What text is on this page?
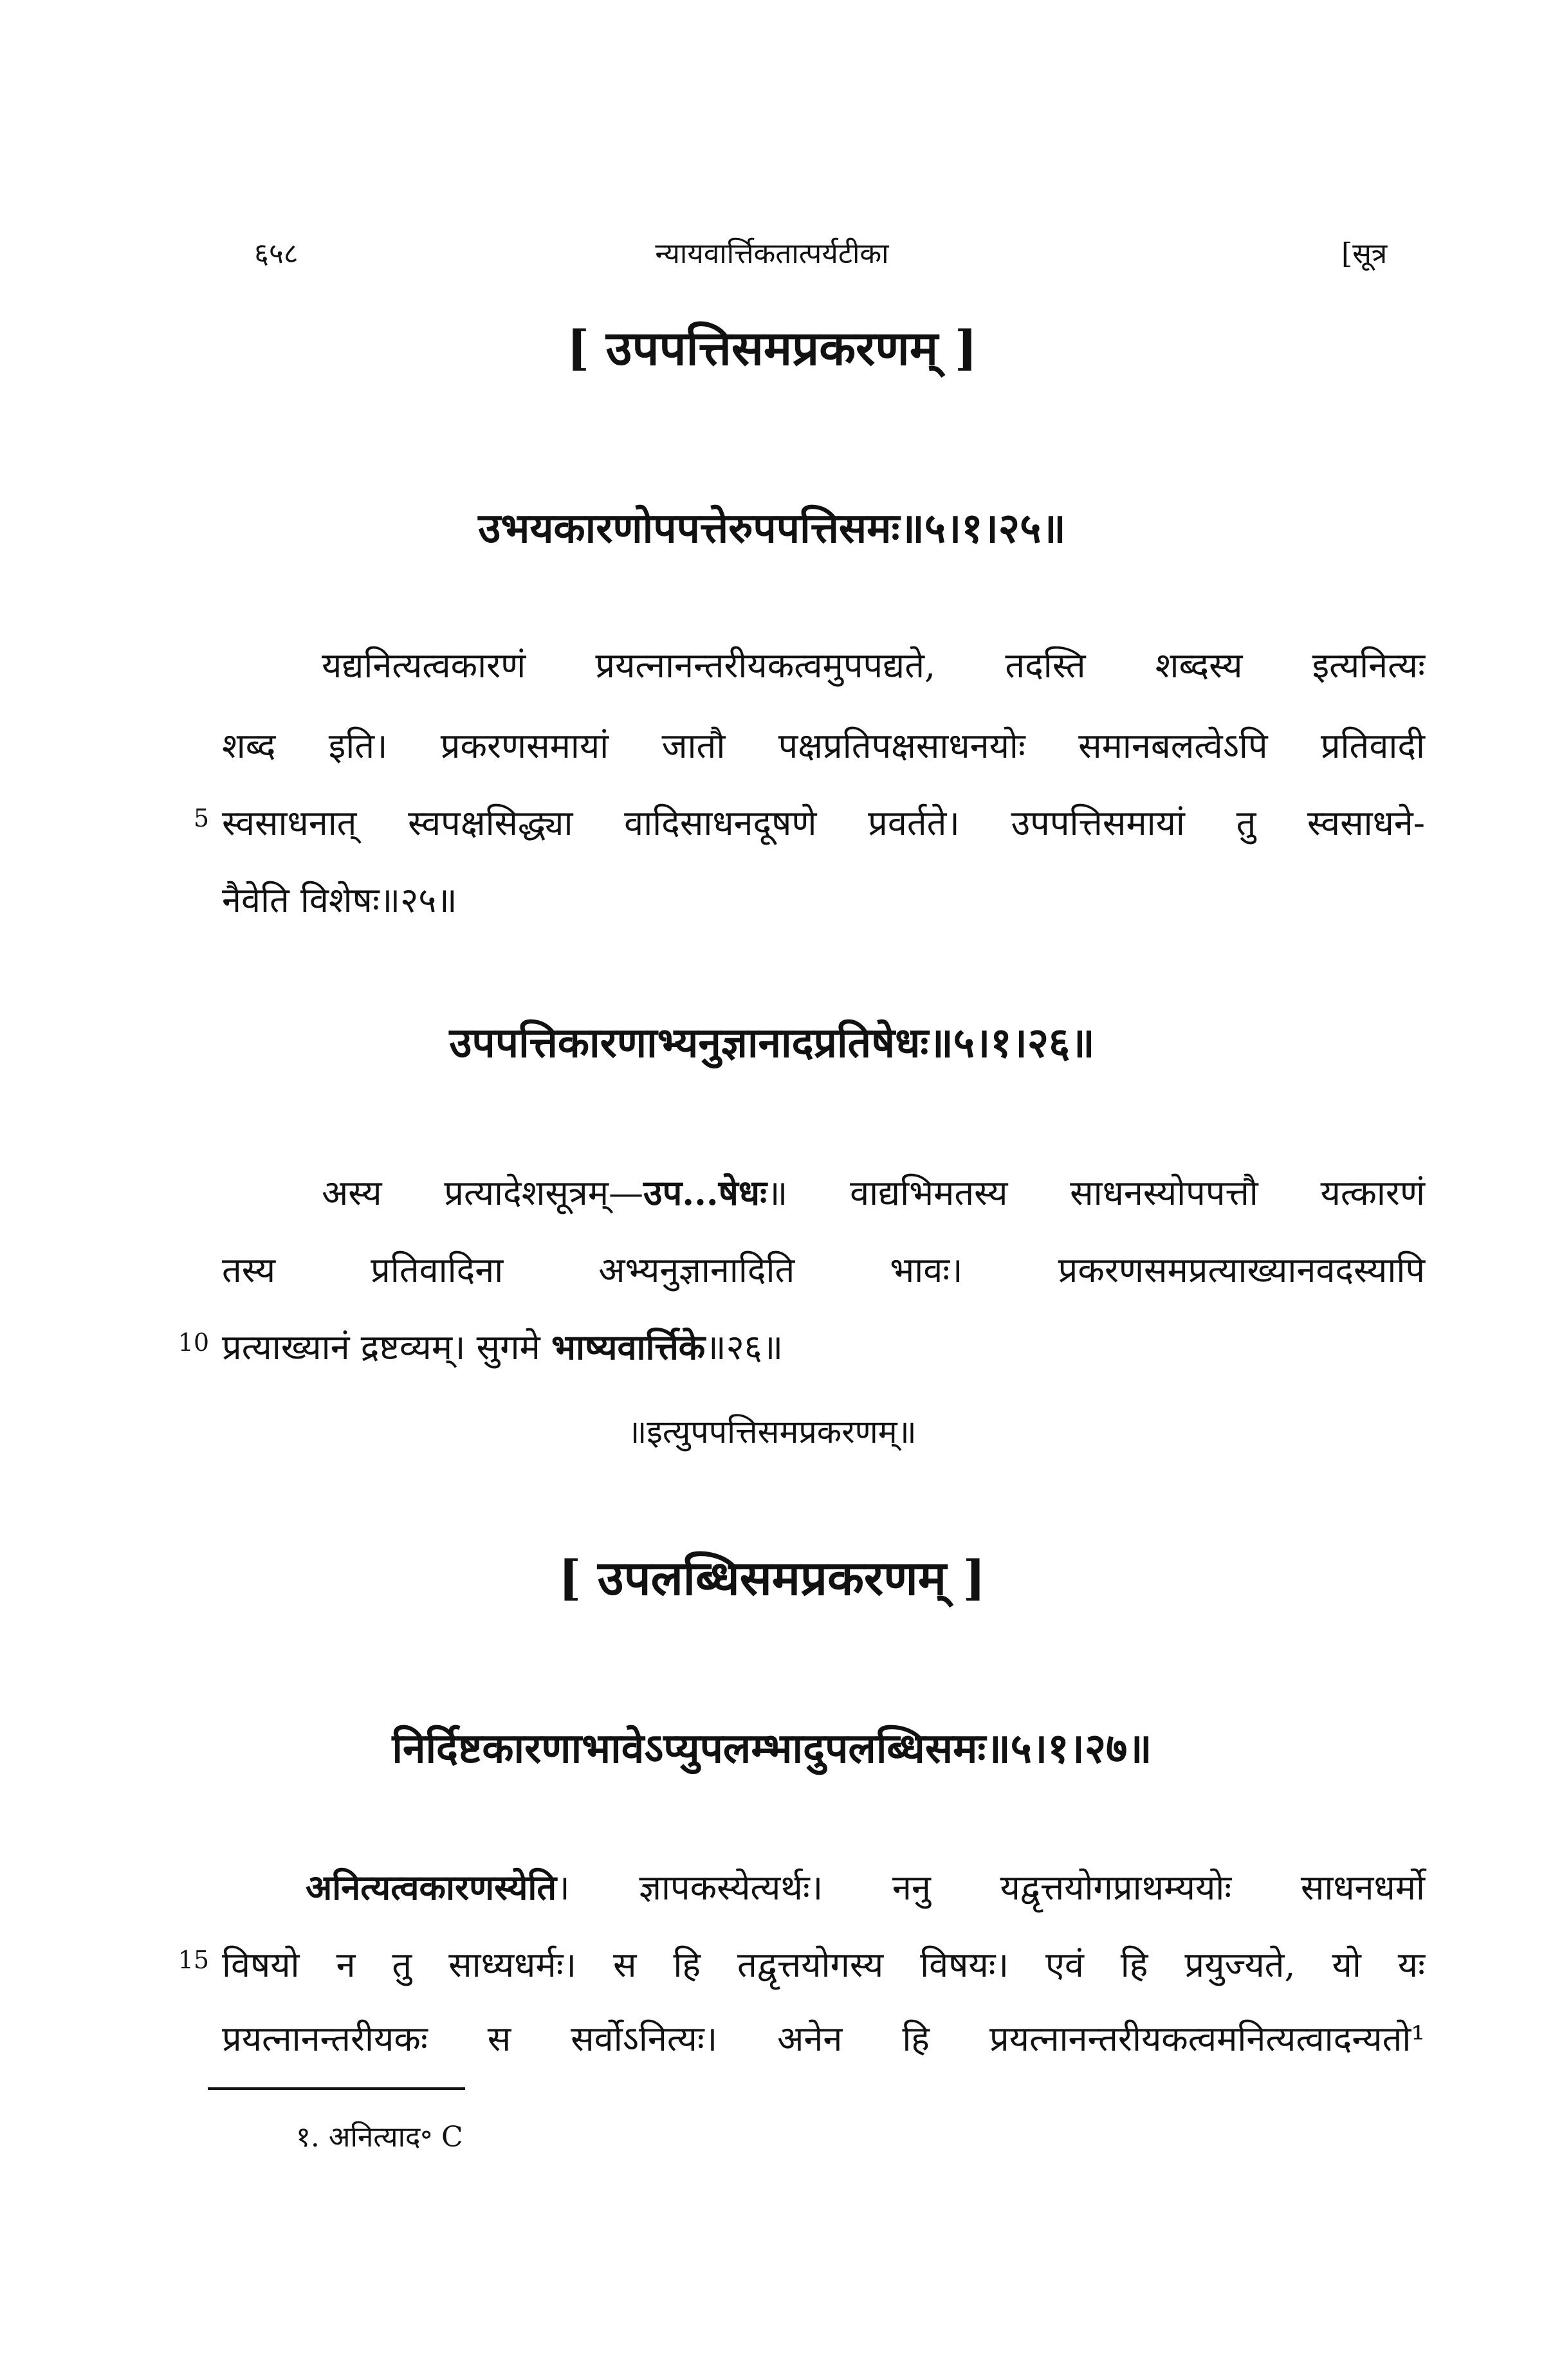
६५८	न्यायवार्त्तिकतात्पर्यटीका	[सूत्र
[ उपपत्तिसमप्रकरणम् ]
उभयकारणोपपत्तेरुपपत्तिसमः॥५।१।२५॥
यद्यनित्यत्वकारणं प्रयत्नानन्तरीयकत्वमुपपद्यते, तदस्ति शब्दस्य इत्यनित्यः
शब्द इति। प्रकरणसमायां जातौ पक्षप्रतिपक्षसाधनयोः समानबलत्वेऽपि प्रतिवादी
5 स्वसाधनात् स्वपक्षसिद्ध्या वादिसाधनदूषणे प्रवर्तते। उपपत्तिसमायां तु स्वसाधने-
नैवेति विशेषः॥२५॥
उपपत्तिकारणाभ्यनुज्ञानादप्रतिषेधः॥५।१।२६॥
अस्य प्रत्यादेशसूत्रम्—उप...षेधः॥ वाद्यभिमतस्य साधनस्योपपत्तौ यत्कारणं
तस्य प्रतिवादिना अभ्यनुज्ञानादिति भावः। प्रकरणसमप्रत्याख्यानवदस्यापि
10 प्रत्याख्यानं द्रष्टव्यम्। सुगमे भाष्यवार्त्तिके॥२६॥
॥इत्युपपत्तिसमप्रकरणम्॥
[ उपलब्धिसमप्रकरणम् ]
निर्दिष्टकारणाभावेऽप्युपलम्भादुपलब्धिसमः॥५।१।२७॥
अनित्यत्वकारणस्येति। ज्ञापकस्येत्यर्थः। ननु यद्वृत्तयोगप्राथम्ययोः साधनधर्मो
15 विषयो न तु साध्यधर्मः। स हि तद्वृत्तयोगस्य विषयः। एवं हि प्रयुज्यते, यो यः
प्रयत्नानन्तरीयकः स सर्वोऽनित्यः। अनेन हि प्रयत्नानन्तरीयकत्वमनित्यत्वादन्यतो¹
१. अनित्याद॰ C
